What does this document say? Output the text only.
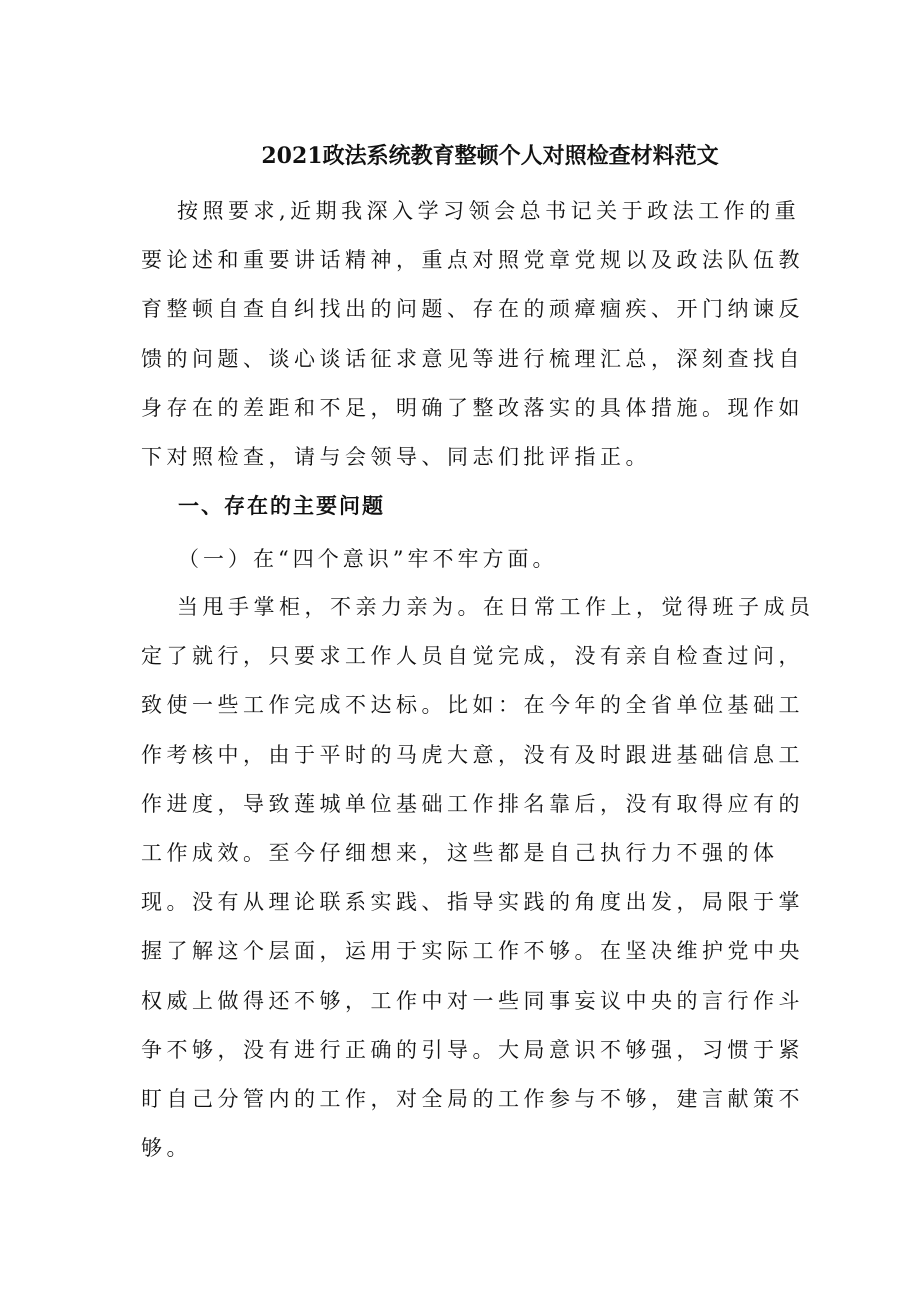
2021政法系统教育整顿个人对照检查材料范文
按照要求,近期我深入学习领会总书记关于政法工作的重
要论述和重要讲话精神，重点对照党章党规以及政法队伍教
育整顿自查自纠找出的问题、存在的顽瘴痼疾、开门纳谏反
馈的问题、谈心谈话征求意见等进行梳理汇总，深刻查找自
身存在的差距和不足，明确了整改落实的具体措施。现作如
下对照检查，请与会领导、同志们批评指正。
一、存在的主要问题
（一）在“四个意识”牢不牢方面。
当甩手掌柜，不亲力亲为。在日常工作上，觉得班子成员
定了就行，只要求工作人员自觉完成，没有亲自检查过问，
致使一些工作完成不达标。比如：在今年的全省单位基础工
作考核中，由于平时的马虎大意，没有及时跟进基础信息工
作进度，导致莲城单位基础工作排名靠后，没有取得应有的
工作成效。至今仔细想来，这些都是自己执行力不强的体
现。没有从理论联系实践、指导实践的角度出发，局限于掌
握了解这个层面，运用于实际工作不够。在坚决维护党中央
权威上做得还不够，工作中对一些同事妄议中央的言行作斗
争不够，没有进行正确的引导。大局意识不够强，习惯于紧
盯自己分管内的工作，对全局的工作参与不够，建言献策不
够。
